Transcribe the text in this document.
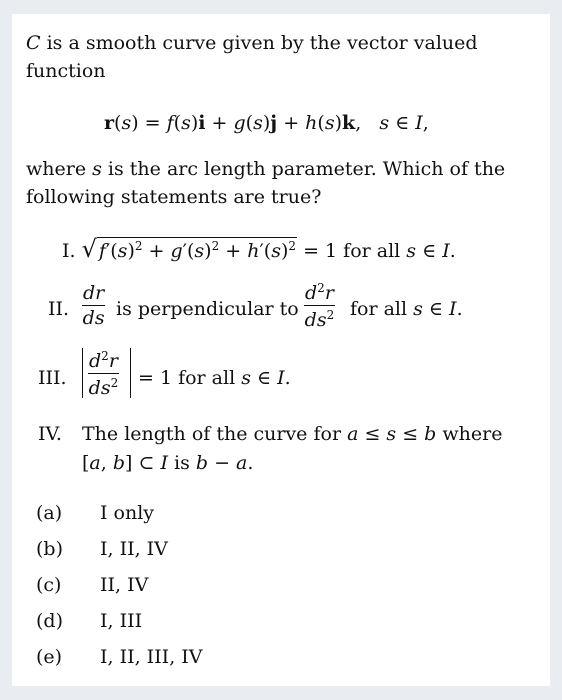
C is a smooth curve given by the vector valued
function
r(s) = f(s)i + g(s)j + h(s)k,   s ∈ I,
where s is the arc length parameter. Which of the
following statements are true?
I. √ $f'(s)^2 + g'(s)^2 + h'(s)^2 = 1$ for all s ∈ I.
II. $\frac{dr}{ds}$ is perpendicular to $\frac{d^2r}{ds^2}$ for all s ∈ I.
III. $\frac{d^2r}{ds^2} = 1$ for all s ∈ I.
IV. The length of the curve for a ≤ s ≤ b where
[a, b] ⊂ I is b − a.
(a) I only
(b) I, II, IV
(c) II, IV
(d) I, III
(e) I, II, III, IV
